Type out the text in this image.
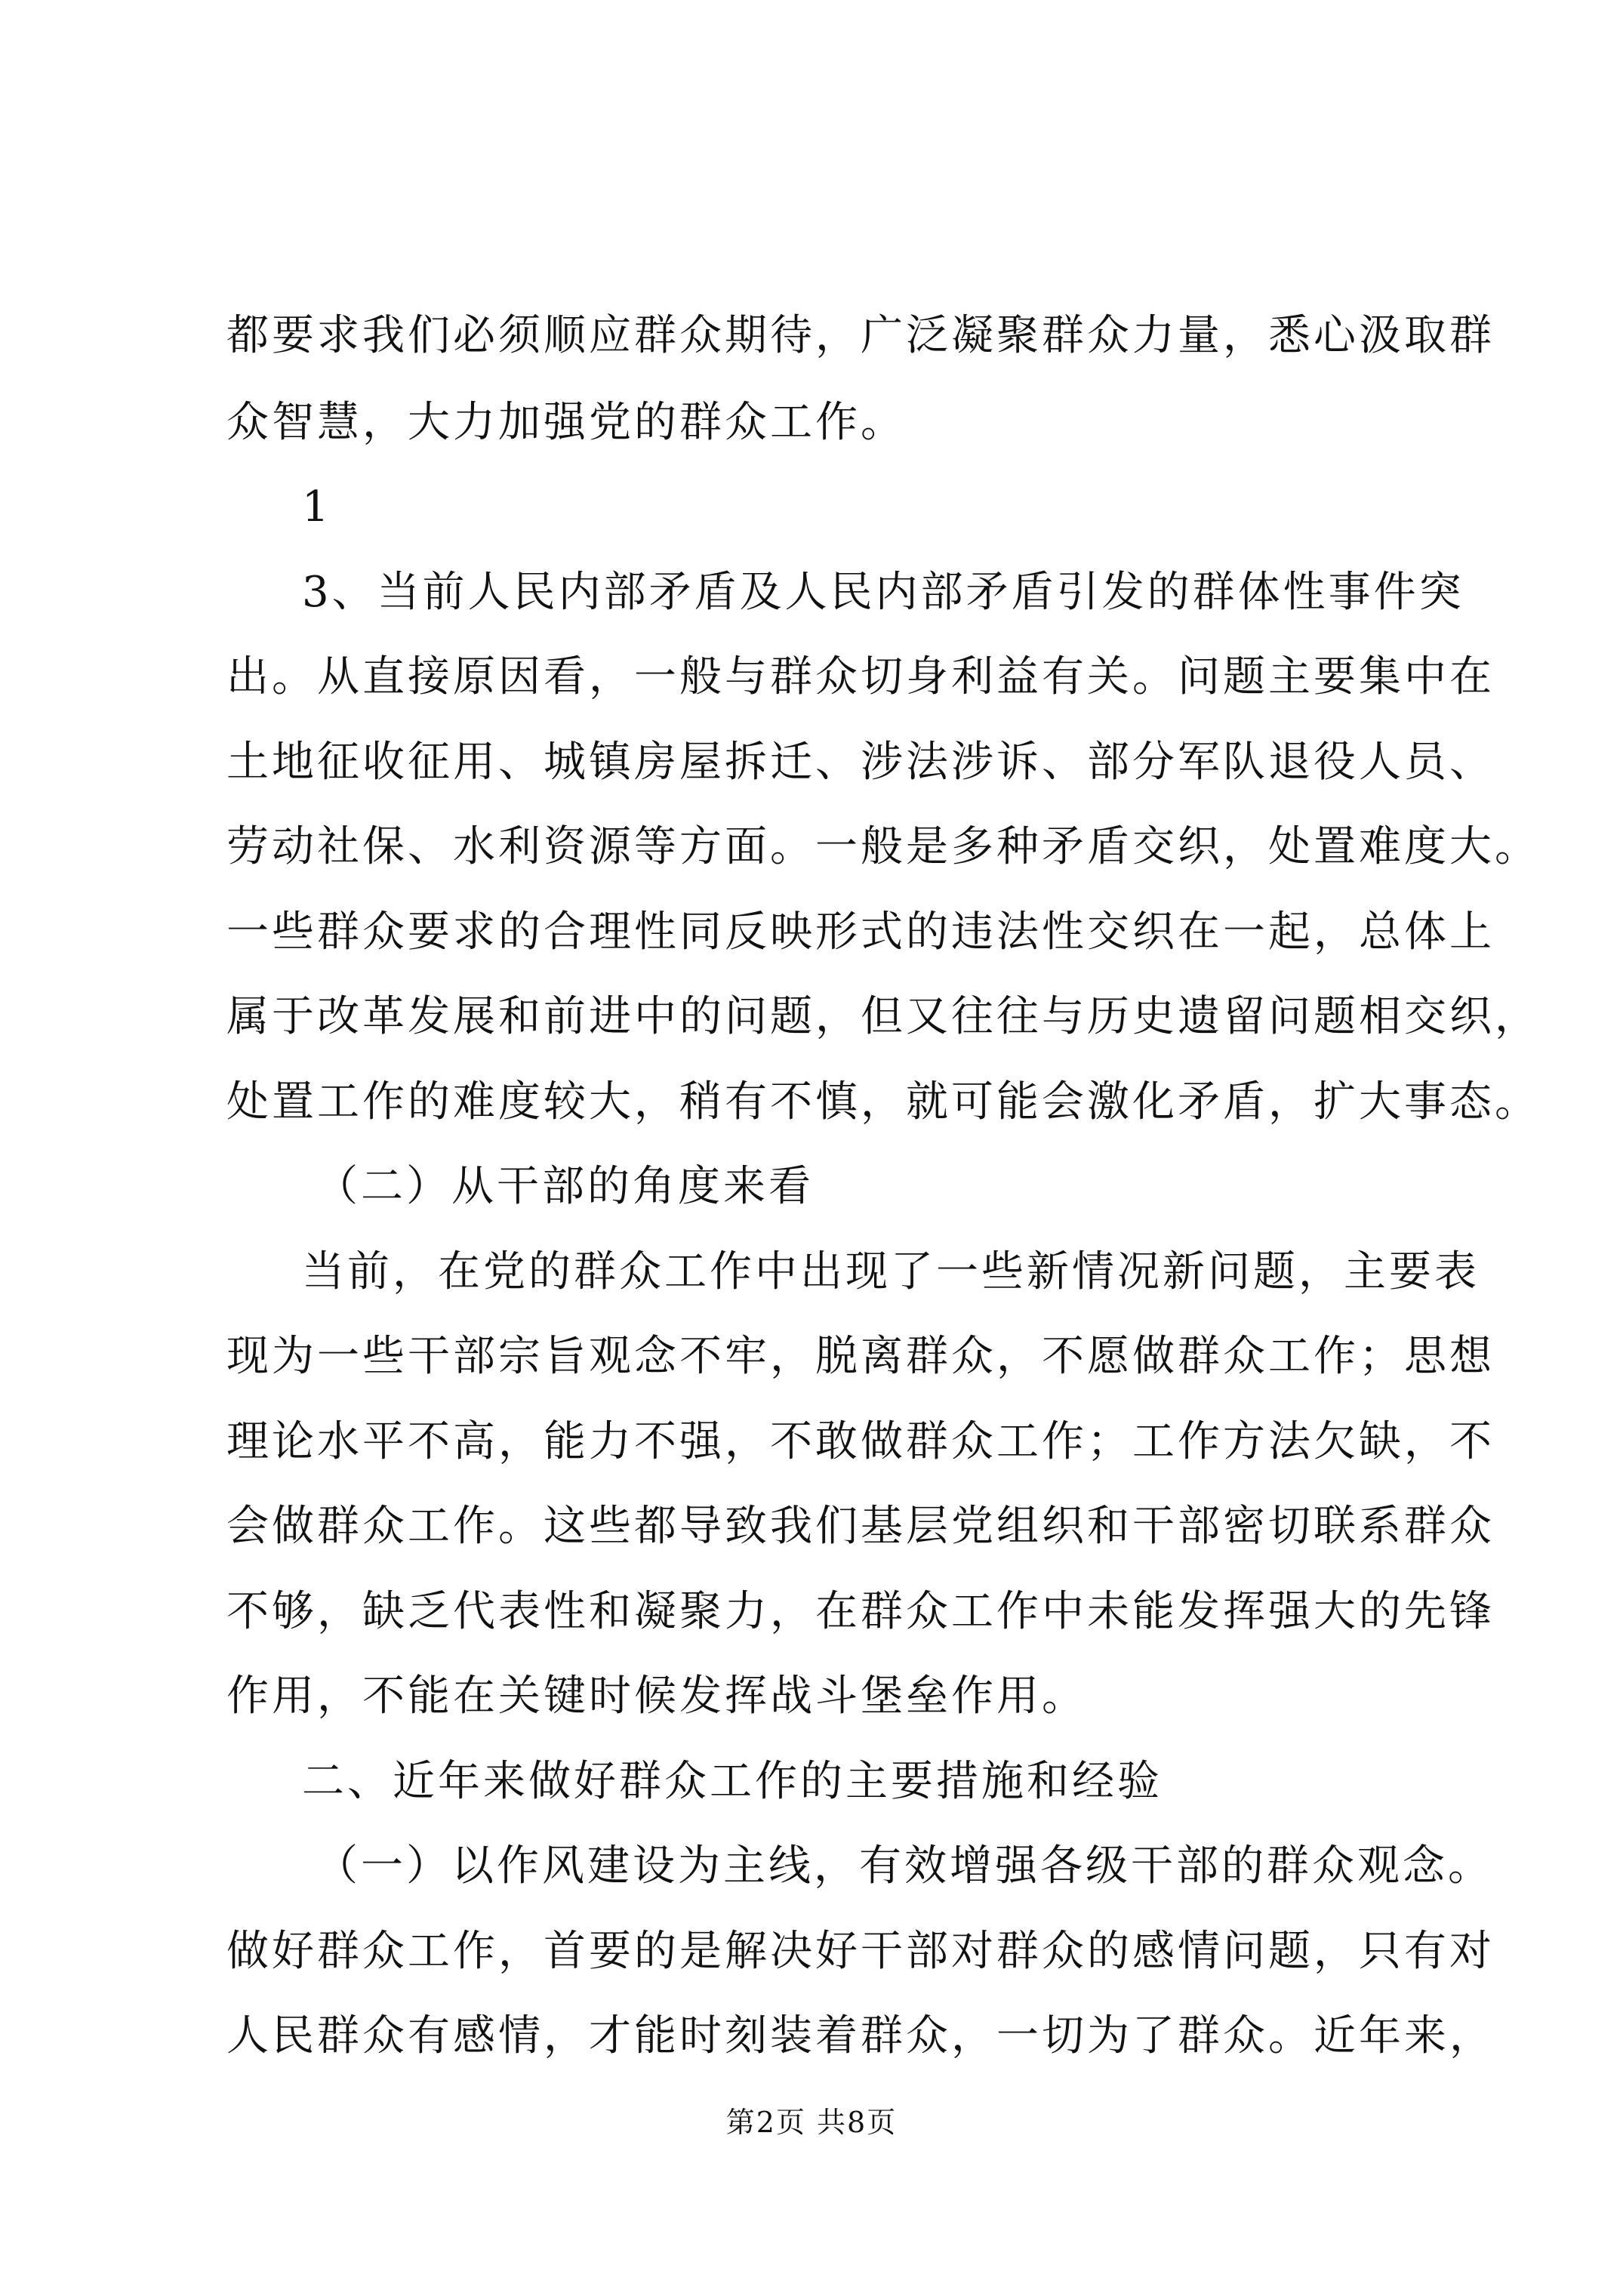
都要求我们必须顺应群众期待，广泛凝聚群众力量，悉心汲取群
众智慧，大力加强党的群众工作。
1
3、当前人民内部矛盾及人民内部矛盾引发的群体性事件突
出。从直接原因看，一般与群众切身利益有关。问题主要集中在
土地征收征用、城镇房屋拆迁、涉法涉诉、部分军队退役人员、
劳动社保、水利资源等方面。一般是多种矛盾交织，处置难度大。
一些群众要求的合理性同反映形式的违法性交织在一起，总体上
属于改革发展和前进中的问题，但又往往与历史遗留问题相交织，
处置工作的难度较大，稍有不慎，就可能会激化矛盾，扩大事态。
（二）从干部的角度来看
当前，在党的群众工作中出现了一些新情况新问题，主要表
现为一些干部宗旨观念不牢，脱离群众，不愿做群众工作；思想
理论水平不高，能力不强，不敢做群众工作；工作方法欠缺，不
会做群众工作。这些都导致我们基层党组织和干部密切联系群众
不够，缺乏代表性和凝聚力，在群众工作中未能发挥强大的先锋
作用，不能在关键时候发挥战斗堡垒作用。
二、近年来做好群众工作的主要措施和经验
（一）以作风建设为主线，有效增强各级干部的群众观念。
做好群众工作，首要的是解决好干部对群众的感情问题，只有对
人民群众有感情，才能时刻装着群众，一切为了群众。近年来，
第2页 共8页
